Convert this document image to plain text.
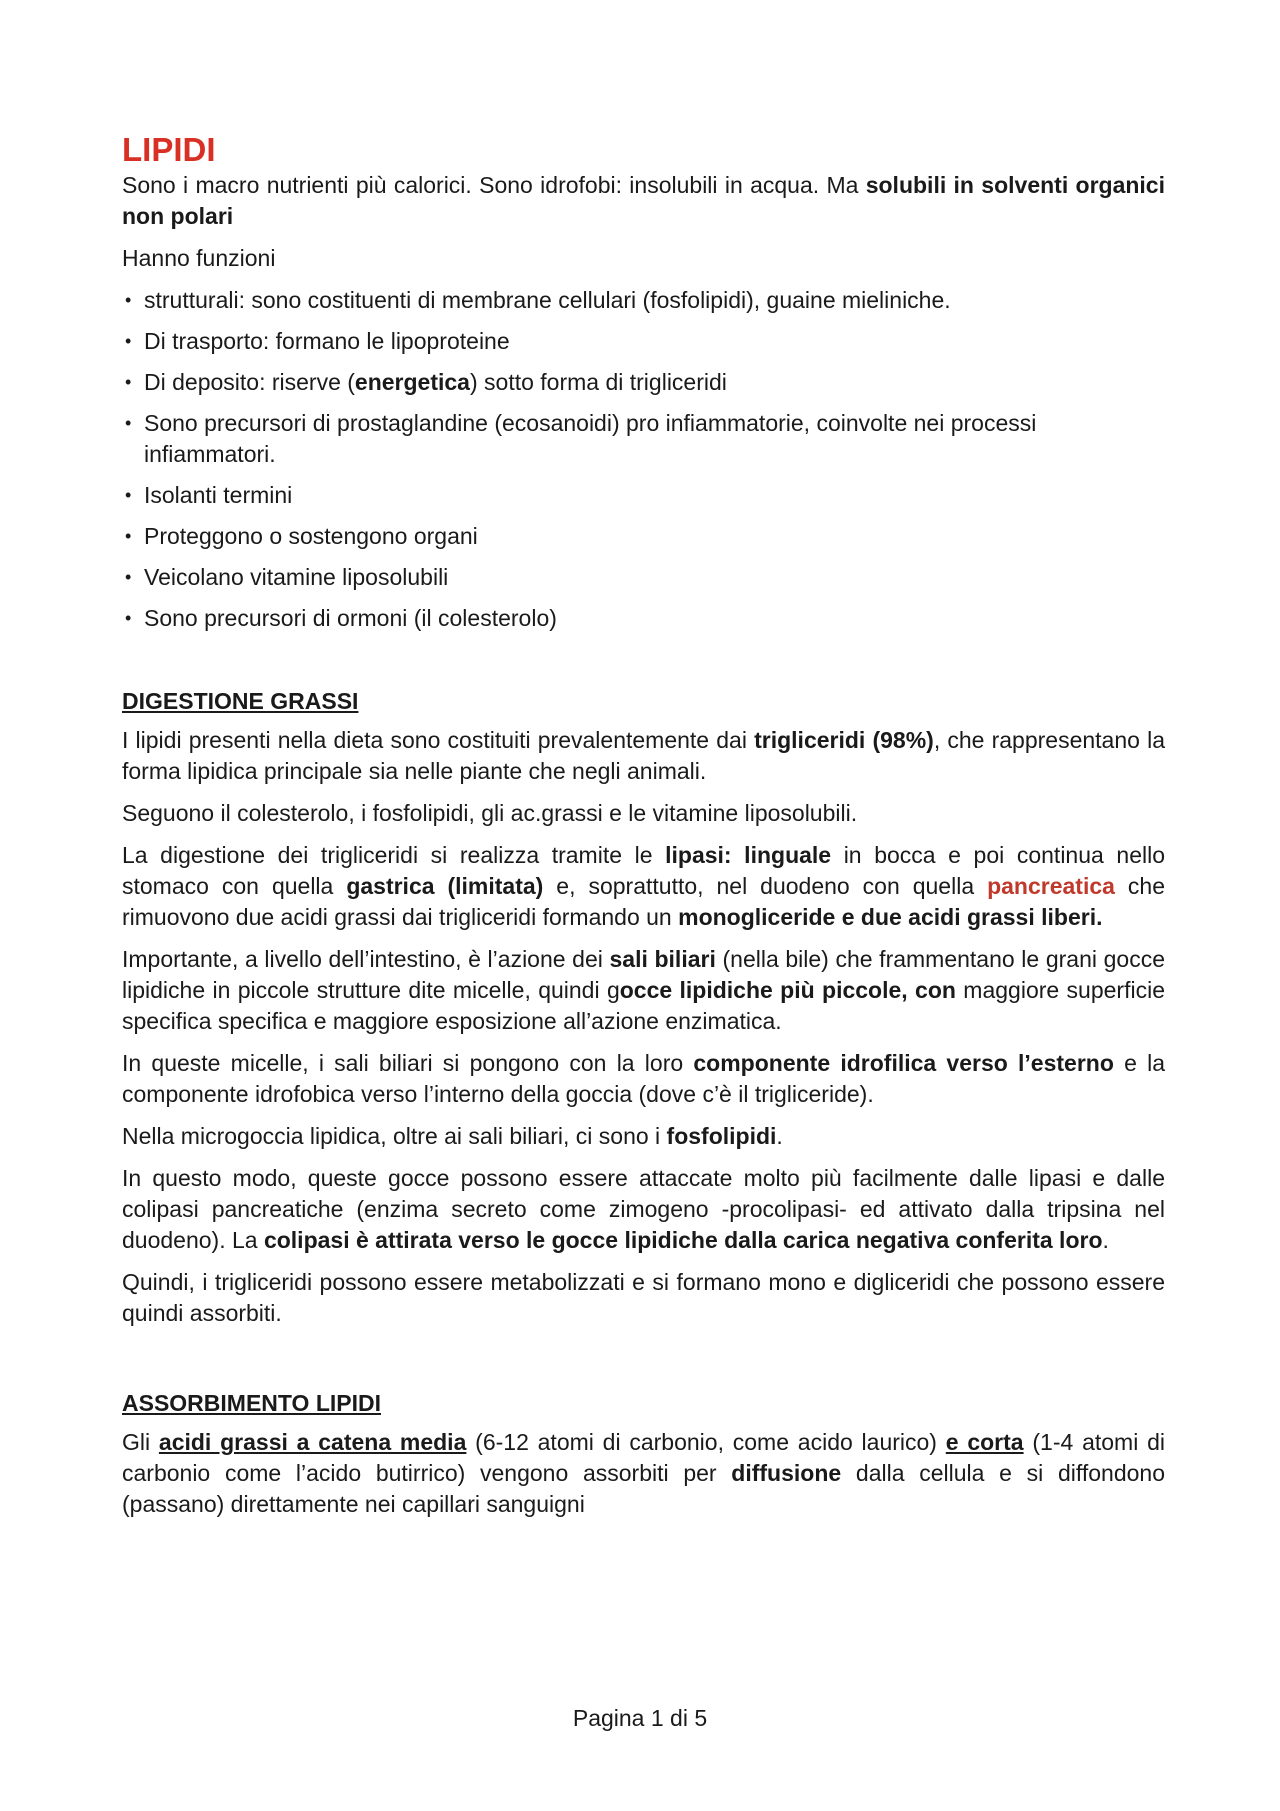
LIPIDI

Sono i macro nutrienti più calorici. Sono idrofobi: insolubili in acqua. Ma solubili in solventi organici non polari

Hanno funzioni

• strutturali: sono costituenti di membrane cellulari (fosfolipidi), guaine mieliniche.
• Di trasporto: formano le lipoproteine
• Di deposito: riserve (energetica) sotto forma di trigliceridi
• Sono precursori di prostaglandine (ecosanoidi) pro infiammatorie, coinvolte nei processi infiammatori.
• Isolanti termini
• Proteggono o sostengono organi
• Veicolano vitamine liposolubili
• Sono precursori di ormoni (il colesterolo)
DIGESTIONE GRASSI

I lipidi presenti nella dieta sono costituiti prevalentemente dai trigliceridi (98%), che rappresentano la forma lipidica principale sia nelle piante che negli animali.

Seguono il colesterolo, i fosfolipidi, gli ac.grassi e le vitamine liposolubili.

La digestione dei trigliceridi si realizza tramite le lipasi: linguale in bocca e poi continua nello stomaco con quella gastrica (limitata) e, soprattutto, nel duodeno con quella pancreatica che rimuovono due acidi grassi dai trigliceridi formando un monogliceride e due acidi grassi liberi.

Importante, a livello dell’intestino, è l’azione dei sali biliari (nella bile) che frammentano le grani gocce lipidiche in piccole strutture dite micelle, quindi gocce lipidiche più piccole, con maggiore superficie specifica specifica e maggiore esposizione all’azione enzimatica.

In queste micelle, i sali biliari si pongono con la loro componente idrofilica verso l’esterno e la componente idrofobica verso l’interno della goccia (dove c’è il trigliceride).

Nella microgoccia lipidica, oltre ai sali biliari, ci sono i fosfolipidi.

In questo modo, queste gocce possono essere attaccate molto più facilmente dalle lipasi e dalle colipasi pancreatiche (enzima secreto come zimogeno -procolipasi- ed attivato dalla tripsina nel duodeno). La colipasi è attirata verso le gocce lipidiche dalla carica negativa conferita loro.

Quindi, i trigliceridi possono essere metabolizzati e si formano mono e digliceridi che possono essere quindi assorbiti.

ASSORBIMENTO LIPIDI

Gli acidi grassi a catena media (6-12 atomi di carbonio, come acido laurico) e corta (1-4 atomi di carbonio come l’acido butirrico) vengono assorbiti per diffusione dalla cellula e si diffondono (passano) direttamente nei capillari sanguigni

Pagina 1 di 5
